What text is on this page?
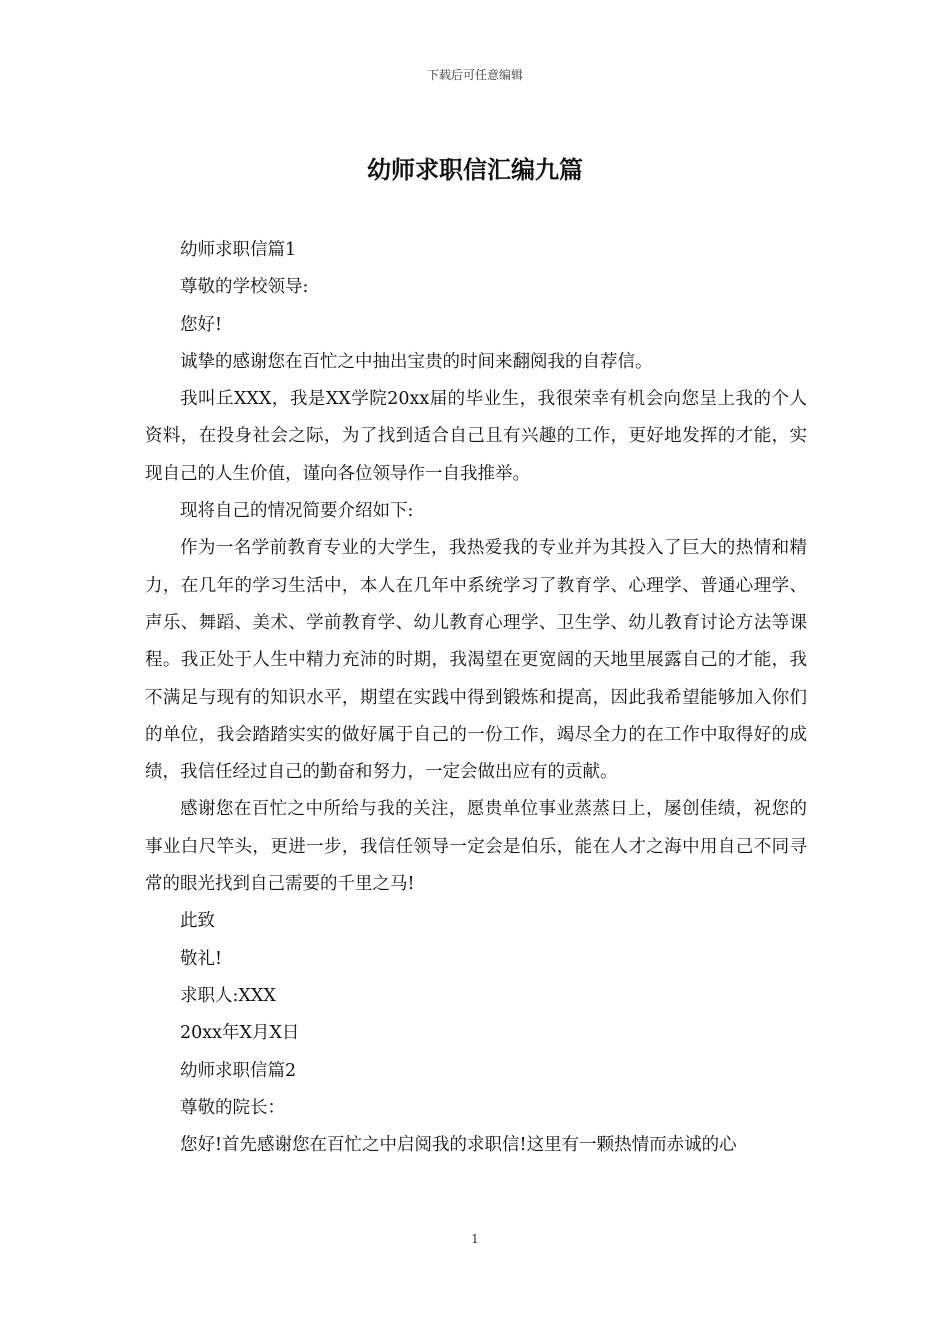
下载后可任意编辑
幼师求职信汇编九篇

幼师求职信篇1

尊敬的学校领导:

您好!

诚挚的感谢您在百忙之中抽出宝贵的时间来翻阅我的自荐信。

我叫丘XXX，我是XX学院20xx届的毕业生，我很荣幸有机会向您呈上我的个人资料，在投身社会之际，为了找到适合自己且有兴趣的工作，更好地发挥的才能，实现自己的人生价值，谨向各位领导作一自我推举。

现将自己的情况简要介绍如下:

作为一名学前教育专业的大学生，我热爱我的专业并为其投入了巨大的热情和精力，在几年的学习生活中，本人在几年中系统学习了教育学、心理学、普通心理学、声乐、舞蹈、美术、学前教育学、幼儿教育心理学、卫生学、幼儿教育讨论方法等课程。我正处于人生中精力充沛的时期，我渴望在更宽阔的天地里展露自己的才能，我不满足与现有的知识水平，期望在实践中得到锻炼和提高，因此我希望能够加入你们的单位，我会踏踏实实的做好属于自己的一份工作，竭尽全力的在工作中取得好的成绩，我信任经过自己的勤奋和努力，一定会做出应有的贡献。

感谢您在百忙之中所给与我的关注，愿贵单位事业蒸蒸日上，屡创佳绩，祝您的事业白尺竿头，更进一步，我信任领导一定会是伯乐，能在人才之海中用自己不同寻常的眼光找到自己需要的千里之马!

此致

敬礼!

求职人:XXX

20xx年X月X日

幼师求职信篇2

尊敬的院长：

您好!首先感谢您在百忙之中启阅我的求职信!这里有一颗热情而赤诚的心

1
